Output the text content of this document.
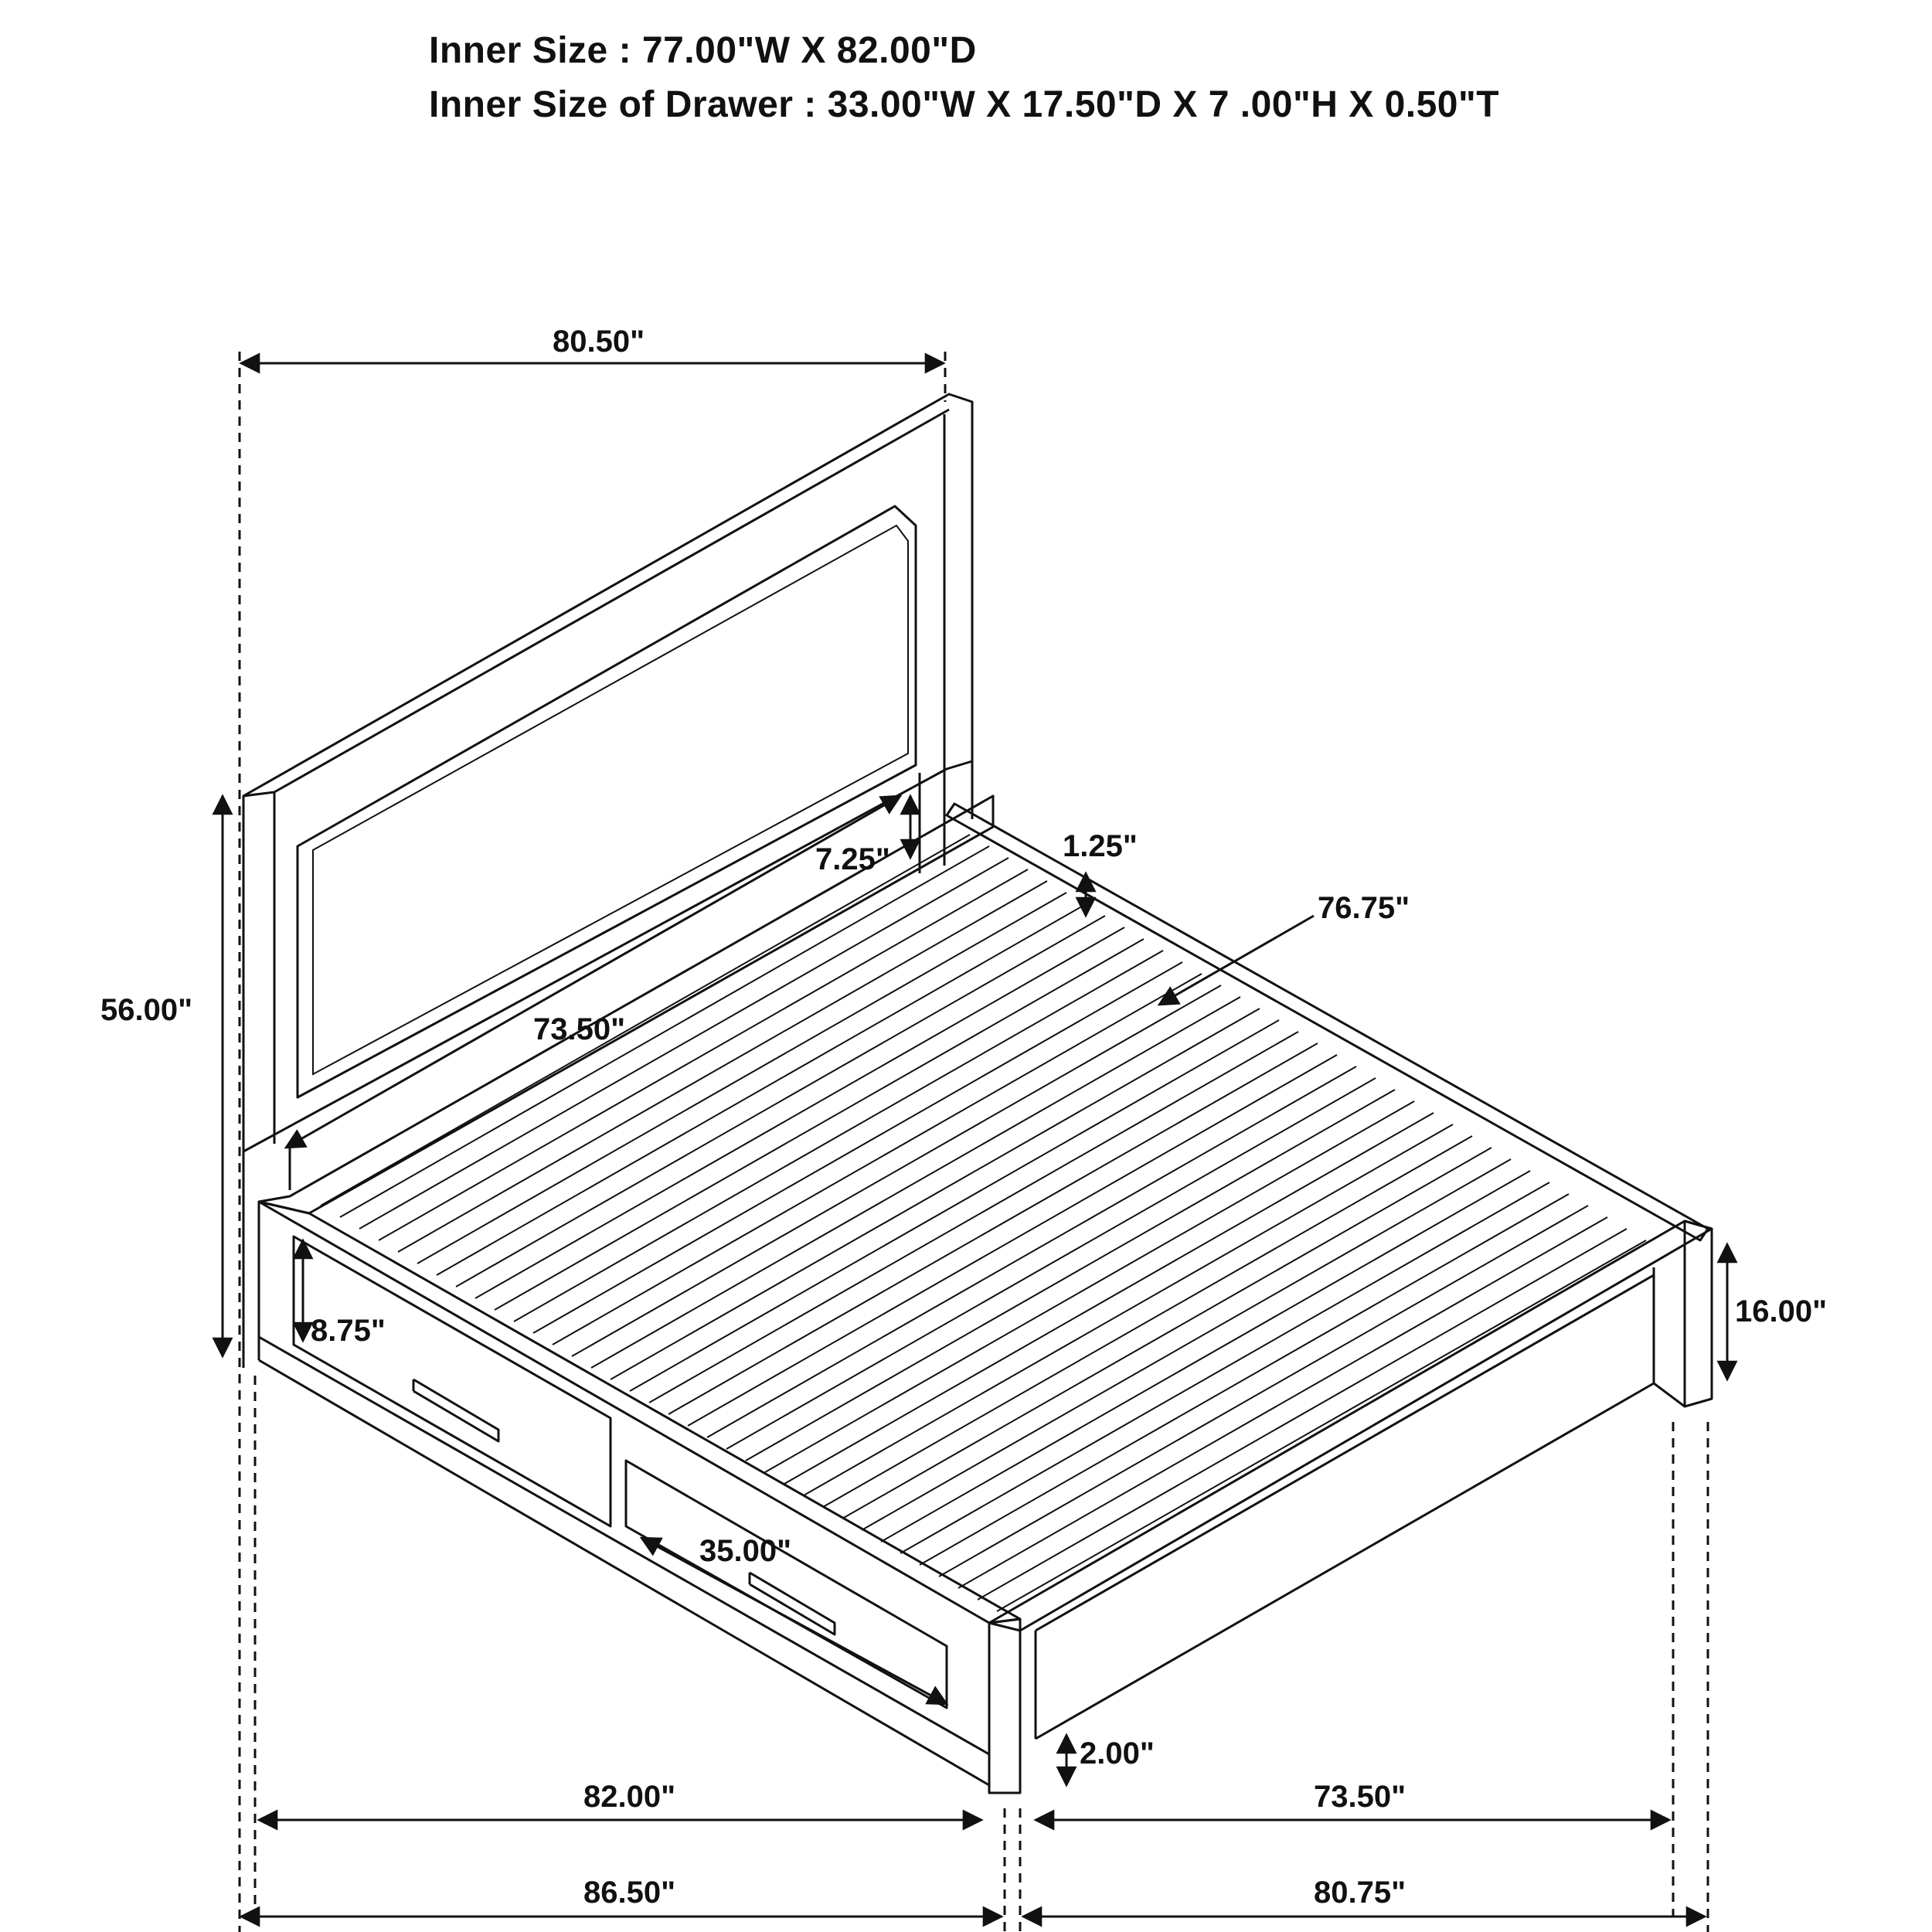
Inner Size : 77.00"W X 82.00"D
Inner Size of Drawer : 33.00"W X 17.50"D X 7 .00"H X 0.50"T
80.50"
56.00"
7.25"
73.50"
1.25"
76.75"
16.00"
8.75"
35.00"
2.00"
82.00"	73.50"
86.50"	80.75"
